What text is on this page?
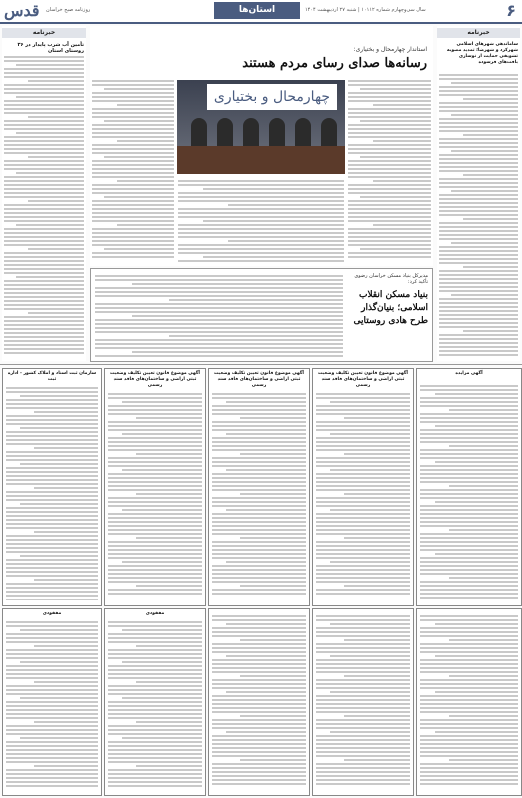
قدس روزنامه صبح خراسان	استان‌ها	سال سی‌وچهارم شماره ۱۰۱۱۲ | شنبه ۲۷ اردیبهشت ۱۴۰۴	۶
خبرنامه
تأمین آب شرب پایدار در ۳۶ روستای استان
خبرنامه
ساماندهی شهرهای اسلامی شهرکرد و شهرضا؛ تمدید مصوبه تشویقی حمایت از نوسازی بافت‌های فرسوده
استاندار چهارمحال و بختیاری:
رسانه‌ها صدای رسای مردم هستند
چهارمحال و بختیاری
مدیرکل بنیاد مسکن خراسان رضوی تأکید کرد:
بنیاد مسکن انقلاب
اسلامی؛ بنیان‌گذار
طرح هادی روستایی
سازمان ثبت اسناد و املاک کشور - اداره ثبت
آگهی موضوع قانون تعیین تکلیف وضعیت ثبتی اراضی و ساختمان‌های فاقد سند رسمی
آگهی موضوع قانون تعیین تکلیف وضعیت ثبتی اراضی و ساختمان‌های فاقد سند رسمی
آگهی موضوع قانون تعیین تکلیف وضعیت ثبتی اراضی و ساختمان‌های فاقد سند رسمی
آگهی مزایده
مفقودی	مفقودی
